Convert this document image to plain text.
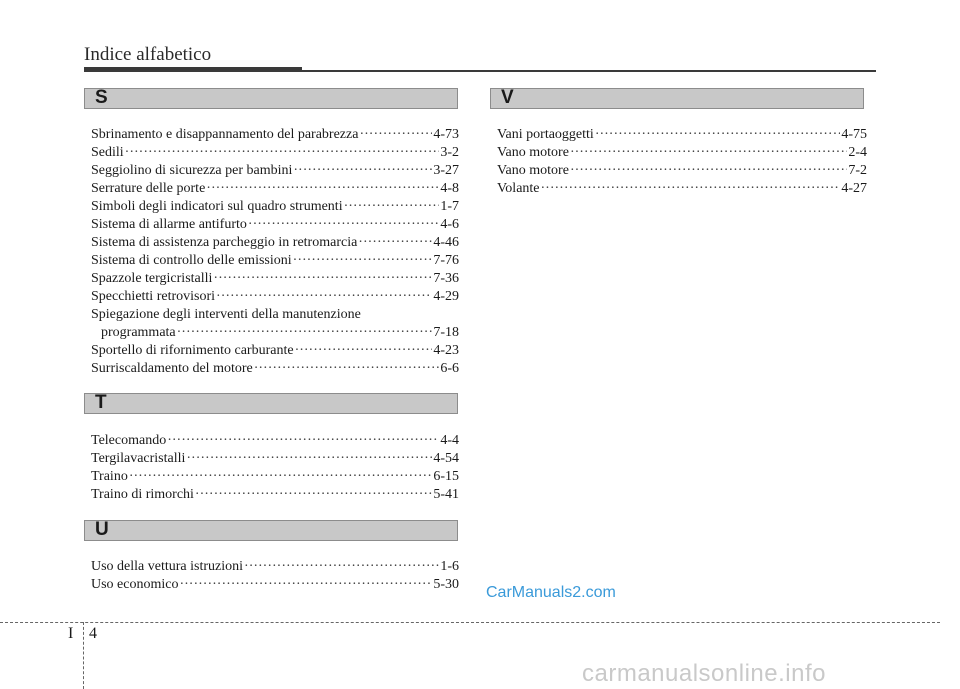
Indice alfabetico
S
Sbrinamento e disappannamento del parabrezza ·····	4-73
Sedili ·····	3-2
Seggiolino di sicurezza per bambini ·····	3-27
Serrature delle porte ·····	4-8
Simboli degli indicatori sul quadro strumenti ·····	1-7
Sistema di allarme antifurto ·····	4-6
Sistema di assistenza parcheggio in retromarcia ·····	4-46
Sistema di controllo delle emissioni ·····	7-76
Spazzole tergicristalli ·····	7-36
Specchietti retrovisori ·····	4-29
Spiegazione degli interventi della manutenzione
programmata ·····	7-18
Sportello di rifornimento carburante ·····	4-23
Surriscaldamento del motore ·····	6-6
T
Telecomando ·····	4-4
Tergilavacristalli ·····	4-54
Traino ·····	6-15
Traino di rimorchi ·····	5-41
U
Uso della vettura istruzioni ·····	1-6
Uso economico ·····	5-30
V
Vani portaoggetti ·····	4-75
Vano motore ·····	2-4
Vano motore ·····	7-2
Volante ·····	4-27
CarManuals2.com
I 4
carmanualsonline.info
